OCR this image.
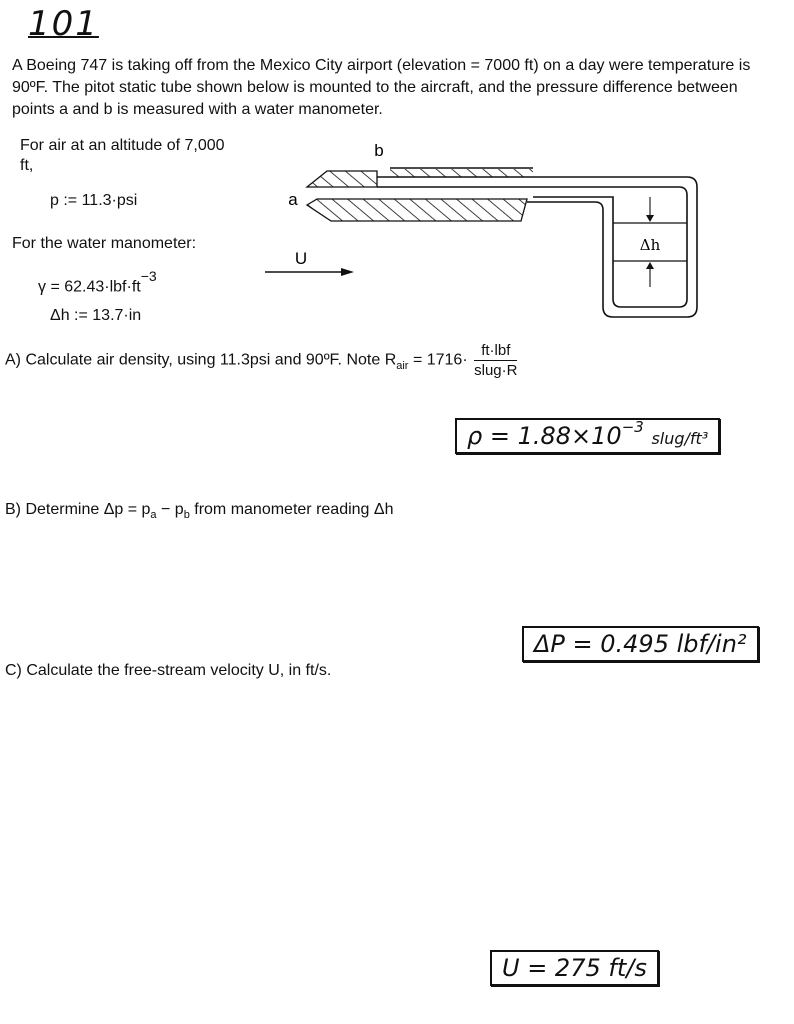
101
A Boeing 747 is taking off from the Mexico City airport (elevation = 7000 ft) on a day were temperature is 90ºF. The pitot static tube shown below is mounted to the aircraft, and the pressure difference between points a and b is measured with a water manometer.
For air at an altitude of 7,000 ft,
p := 11.3·psi
For the water manometer:
$\gamma = 62.43\cdot lbf\cdot ft^{-3}$
Δh := 13.7·in
Δh
b
a
U
A) Calculate air density, using 11.3psi and 90ºF. Note $R_{air} = 1716\cdot \frac{\text{ft·lbf}}{\text{slug·R}}$
$\rho = 1.88\times 10^{-3}$ slug/ft³
B) Determine $\Delta p = p_a - p_b$ from manometer reading Δh
ΔP = 0.495 lbf/in²
C) Calculate the free-stream velocity U, in ft/s.
U = 275 ft/s
